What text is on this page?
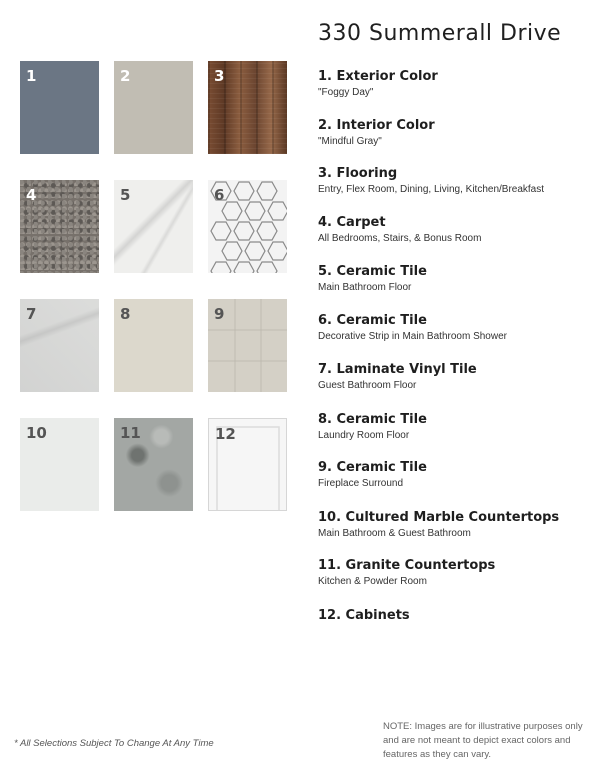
330 Summerall Drive
1	2	3
4	5	6
7	8	9
10	11	12
1. Exterior Color
"Foggy Day"
2. Interior Color
"Mindful Gray"
3. Flooring
Entry, Flex Room, Dining, Living, Kitchen/Breakfast
4. Carpet
All Bedrooms, Stairs, & Bonus Room
5. Ceramic Tile
Main Bathroom Floor
6. Ceramic Tile
Decorative Strip in Main Bathroom Shower
7. Laminate Vinyl Tile
Guest Bathroom Floor
8. Ceramic Tile
Laundry Room Floor
9. Ceramic Tile
Fireplace Surround
10. Cultured Marble Countertops
Main Bathroom & Guest Bathroom
11. Granite Countertops
Kitchen & Powder Room
12. Cabinets
* All Selections Subject To Change At Any Time
NOTE: Images are for illustrative purposes only and are not meant to depict exact colors and features as they can vary.
